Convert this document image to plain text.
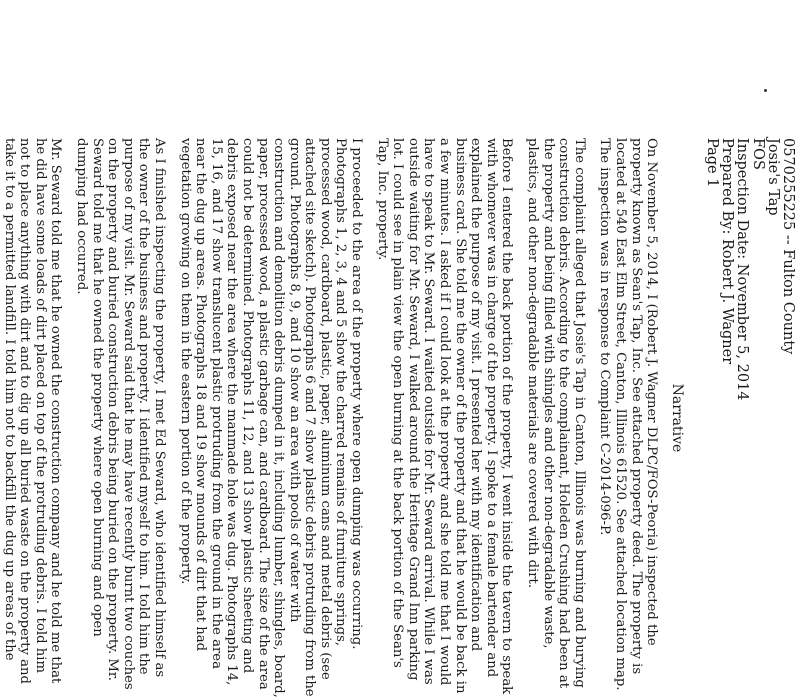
0570255225 -- Fulton County
Josie's Tap
FOS
Inspection Date: November 5, 2014
Prepared By: Robert J. Wagner
Page 1
Narrative

On November 5, 2014, I (Robert J. Wagner DLPC/FOS-Peoria) inspected the property known as Sean's Tap, Inc. See attached property deed. The property is located at 540 East Elm Street, Canton, Illinois 61520. See attached location map. The inspection was in response to Complaint C-2014-096-P.

The complaint alleged that Josie's Tap in Canton, Illinois was burning and burying construction debris. According to the complainant, Holeden Crushing had been at the property and being filled with shingles and other non-degradable waste, plastics, and other non-degradable materials are covered with dirt.

Before I entered the back portion of the property, I went inside the tavern to speak with whomever was in charge of the property. I spoke to a female bartender and explained the purpose of my visit. I presented her with my identification and business card. She told me the owner of the property and that he would be back in a few minutes. I asked if I could look at the property and she told me that I would have to speak to Mr. Seward. I waited outside for Mr. Seward arrival. While I was outside waiting for Mr. Seward, I walked around the Heritage Grand Inn parking lot. I could see in plain view the open burning at the back portion of the Sean's Tap, Inc. property.

I proceeded to the area of the property where open dumping was occurring. Photographs 1, 2, 3, 4 and 5 show the charred remains of furniture springs, processed wood, cardboard, plastic, paper, aluminum cans and metal debris (see attached site sketch). Photographs 6 and 7 show plastic debris protruding from the ground. Photographs 8, 9, and 10 show an area with pools of water with construction and demolition debris dumped in it, including lumber, shingles, board, paper, processed wood, a plastic garbage can, and cardboard. The size of the area could not be determined. Photographs 11, 12, and 13 show plastic sheeting and debris exposed near the area where the manmade hole was dug. Photographs 14, 15, 16, and 17 show translucent plastic protruding from the ground in the area near the dug up areas. Photographs 18 and 19 show mounds of dirt that had vegetation growing on them in the eastern portion of the property.

As I finished inspecting the property, I met Ed Seward, who identified himself as the owner of the business and property. I identified myself to him. I told him the purpose of my visit. Mr. Seward said that he may have recently burnt two couches on the property and buried construction debris being buried on the property. Mr. Seward told me that he owned the property where open burning and open dumping had occurred.

Mr. Seward told me that he owned the construction company and he told me that he did have some loads of dirt placed on top of the protruding debris. I told him not to place anything with dirt and to dig up all buried waste on the property and take it to a permitted landfill. I told him not to backfill the dug up areas of the
